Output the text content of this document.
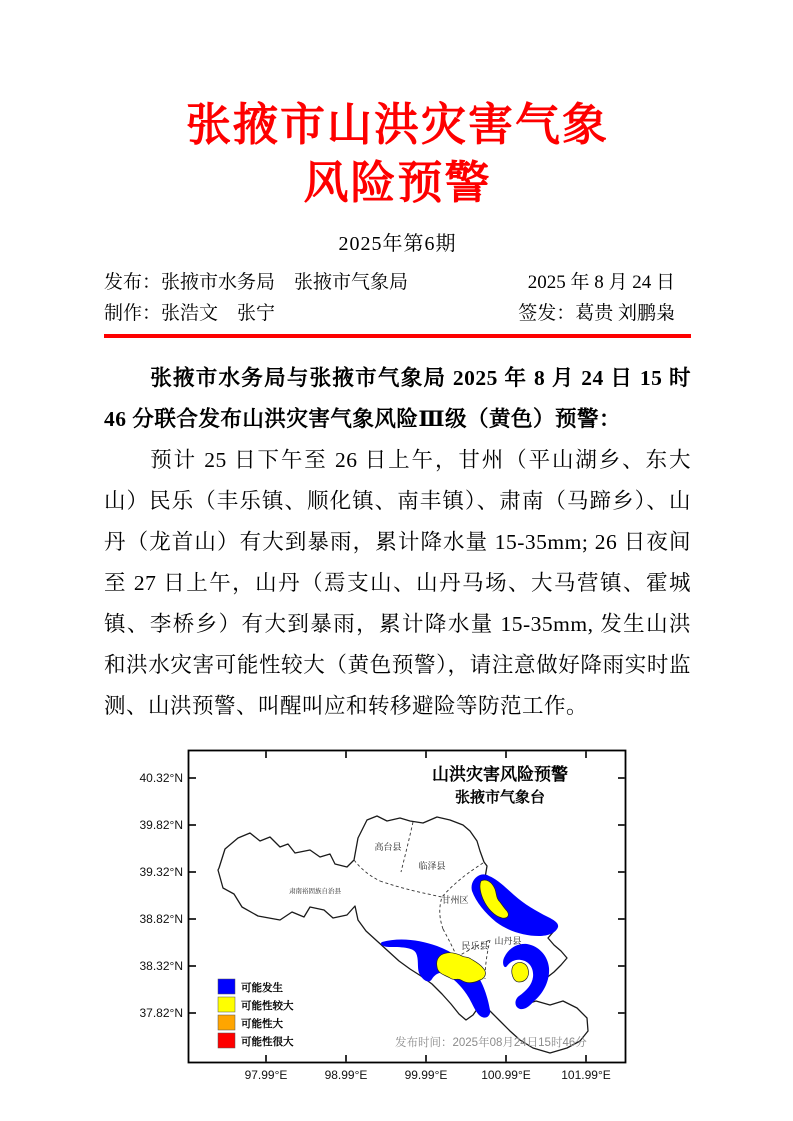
张掖市山洪灾害气象
风险预警
2025年第6期
发布：张掖市水务局　张掖市气象局	2025 年 8 月 24 日
制作：张浩文　张宁	签发：葛贵 刘鹏枭

张掖市水务局与张掖市气象局 2025 年 8 月 24 日 15 时 46 分联合发布山洪灾害气象风险Ⅲ级（黄色）预警：

预计 25 日下午至 26 日上午，甘州（平山湖乡、东大山）民乐（丰乐镇、顺化镇、南丰镇）、肃南（马蹄乡）、山丹（龙首山）有大到暴雨，累计降水量 15-35mm; 26 日夜间至 27 日上午，山丹（焉支山、山丹马场、大马营镇、霍城镇、李桥乡）有大到暴雨，累计降水量 15-35mm, 发生山洪和洪水灾害可能性较大（黄色预警），请注意做好降雨实时监测、山洪预警、叫醒叫应和转移避险等防范工作。

40.32°N
39.82°N
39.32°N
38.82°N
38.32°N
37.82°N
97.99°E	98.99°E	99.99°E	100.99°E	101.99°E
高台县
临泽县
肃南裕固族自治县
甘州区
民乐县 山丹县
山洪灾害风险预警
张掖市气象台
可能发生
可能性较大
可能性大
可能性很大	发布时间：2025年08月24日15时46分
